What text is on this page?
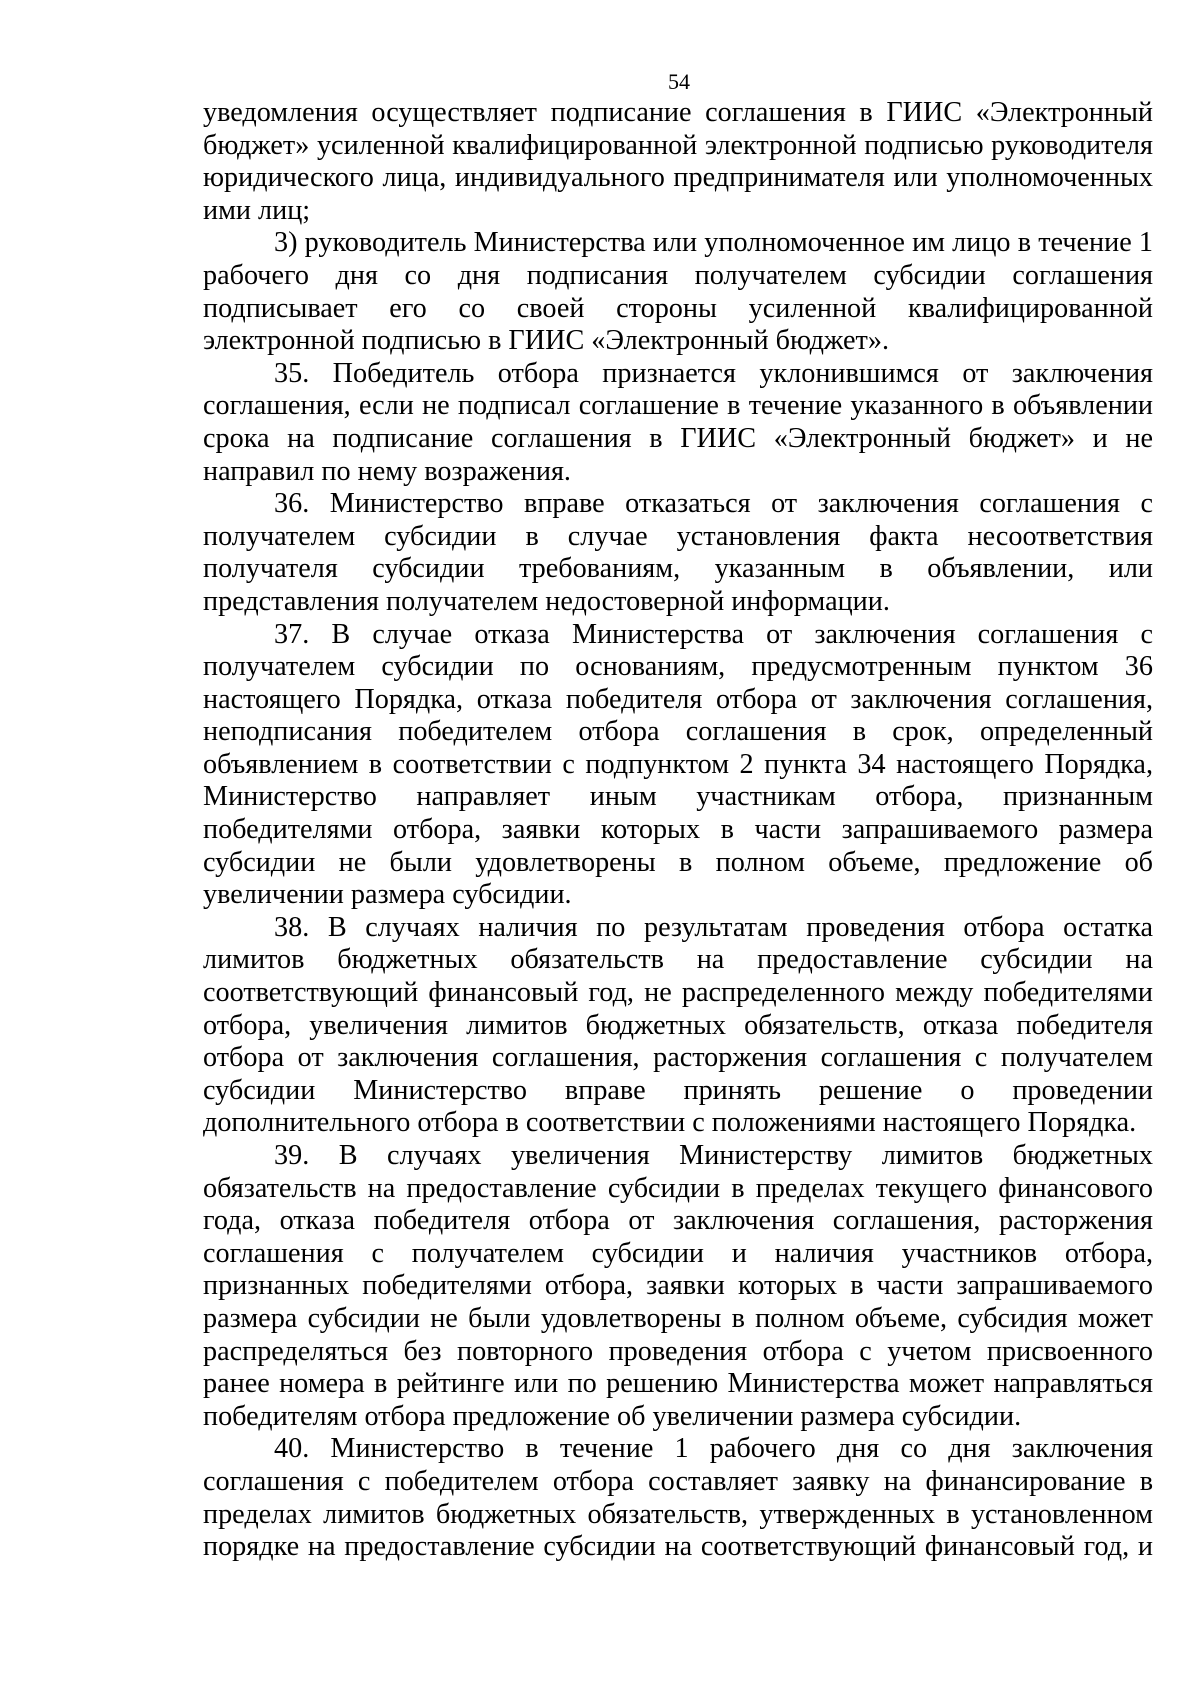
54

уведомления осуществляет подписание соглашения в ГИИС «Электронный бюджет» усиленной квалифицированной электронной подписью руководителя юридического лица, индивидуального предпринимателя или уполномоченных ими лиц;

3) руководитель Министерства или уполномоченное им лицо в течение 1 рабочего дня со дня подписания получателем субсидии соглашения подписывает его со своей стороны усиленной квалифицированной электронной подписью в ГИИС «Электронный бюджет».

35. Победитель отбора признается уклонившимся от заключения соглашения, если не подписал соглашение в течение указанного в объявлении срока на подписание соглашения в ГИИС «Электронный бюджет» и не направил по нему возражения.

36. Министерство вправе отказаться от заключения соглашения с получателем субсидии в случае установления факта несоответствия получателя субсидии требованиям, указанным в объявлении, или представления получателем недостоверной информации.

37. В случае отказа Министерства от заключения соглашения с получателем субсидии по основаниям, предусмотренным пунктом 36 настоящего Порядка, отказа победителя отбора от заключения соглашения, неподписания победителем отбора соглашения в срок, определенный объявлением в соответствии с подпунктом 2 пункта 34 настоящего Порядка, Министерство направляет иным участникам отбора, признанным победителями отбора, заявки которых в части запрашиваемого размера субсидии не были удовлетворены в полном объеме, предложение об увеличении размера субсидии.

38. В случаях наличия по результатам проведения отбора остатка лимитов бюджетных обязательств на предоставление субсидии на соответствующий финансовый год, не распределенного между победителями отбора, увеличения лимитов бюджетных обязательств, отказа победителя отбора от заключения соглашения, расторжения соглашения с получателем субсидии Министерство вправе принять решение о проведении дополнительного отбора в соответствии с положениями настоящего Порядка.

39. В случаях увеличения Министерству лимитов бюджетных обязательств на предоставление субсидии в пределах текущего финансового года, отказа победителя отбора от заключения соглашения, расторжения соглашения с получателем субсидии и наличия участников отбора, признанных победителями отбора, заявки которых в части запрашиваемого размера субсидии не были удовлетворены в полном объеме, субсидия может распределяться без повторного проведения отбора с учетом присвоенного ранее номера в рейтинге или по решению Министерства может направляться победителям отбора предложение об увеличении размера субсидии.

40. Министерство в течение 1 рабочего дня со дня заключения соглашения с победителем отбора составляет заявку на финансирование в пределах лимитов бюджетных обязательств, утвержденных в установленном порядке на предоставление субсидии на соответствующий финансовый год, и
